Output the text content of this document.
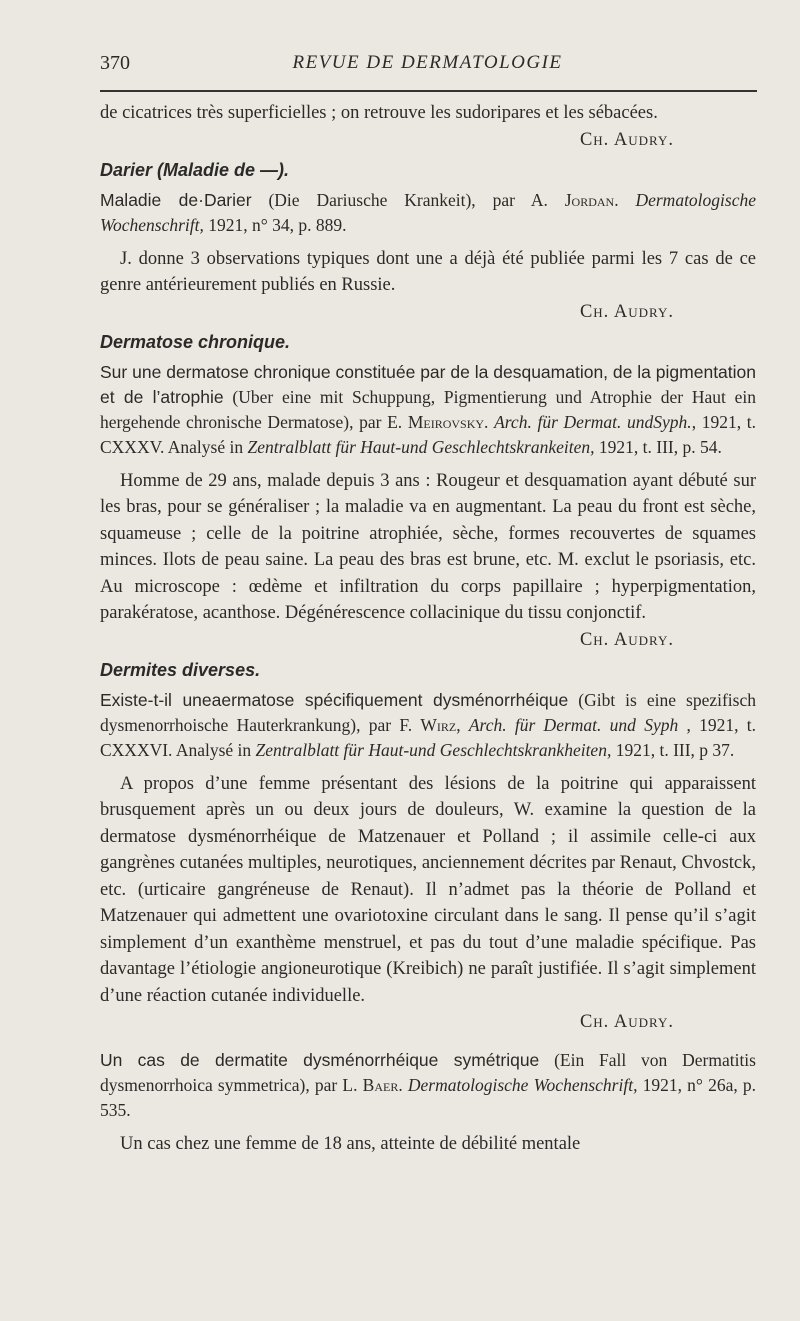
370	REVUE DE DERMATOLOGIE

de cicatrices très superficielles ; on retrouve les sudoripares et les sébacées.

Ch. Audry.

Darier (Maladie de —).

Maladie de·Darier (Die Dariusche Krankeit), par A. Jordan. Dermatologische Wochenschrift, 1921, n° 34, p. 889.

J. donne 3 observations typiques dont une a déjà été publiée parmi les 7 cas de ce genre antérieurement publiés en Russie.

Ch. Audry.

Dermatose chronique.

Sur une dermatose chronique constituée par de la desquamation, de la pigmentation et de l’atrophie (Uber eine mit Schuppung, Pigmentierung und Atrophie der Haut ein hergehende chronische Dermatose), par E. Meirovsky. Arch. für Dermat. undSyph., 1921, t. CXXXV. Analysé in Zentralblatt für Haut-und Geschlechtskrankeiten, 1921, t. III, p. 54.

Homme de 29 ans, malade depuis 3 ans : Rougeur et desquamation ayant débuté sur les bras, pour se généraliser ; la maladie va en augmentant. La peau du front est sèche, squameuse ; celle de la poitrine atrophiée, sèche, formes recouvertes de squames minces. Ilots de peau saine. La peau des bras est brune, etc. M. exclut le psoriasis, etc. Au microscope : œdème et infiltration du corps papillaire ; hyperpigmentation, parakératose, acanthose. Dégénérescence collacinique du tissu conjonctif.

Ch. Audry.

Dermites diverses.

Existe-t-il uneaermatose spécifiquement dysménorrhéique (Gibt is eine spezifisch dysmenorrhoische Hauterkrankung), par F. Wirz, Arch. für Dermat. und Syph , 1921, t. CXXXVI. Analysé in Zentralblatt für Haut-und Geschlechtskrankheiten, 1921, t. III, p 37.

A propos d’une femme présentant des lésions de la poitrine qui apparaissent brusquement après un ou deux jours de douleurs, W. examine la question de la dermatose dysménorrhéique de Matzenauer et Polland ; il assimile celle-ci aux gangrènes cutanées multiples, neurotiques, anciennement décrites par Renaut, Chvostck, etc. (urticaire gangréneuse de Renaut). Il n’admet pas la théorie de Polland et Matzenauer qui admettent une ovariotoxine circulant dans le sang. Il pense qu’il s’agit simplement d’un exanthème menstruel, et pas du tout d’une maladie spécifique. Pas davantage l’étiologie angioneurotique (Kreibich) ne paraît justifiée. Il s’agit simplement d’une réaction cutanée individuelle.

Ch. Audry.

Un cas de dermatite dysménorrhéique symétrique (Ein Fall von Dermatitis dysmenorrhoica symmetrica), par L. Baer. Dermatologische Wochenschrift, 1921, n° 26a, p. 535.

Un cas chez une femme de 18 ans, atteinte de débilité mentale
